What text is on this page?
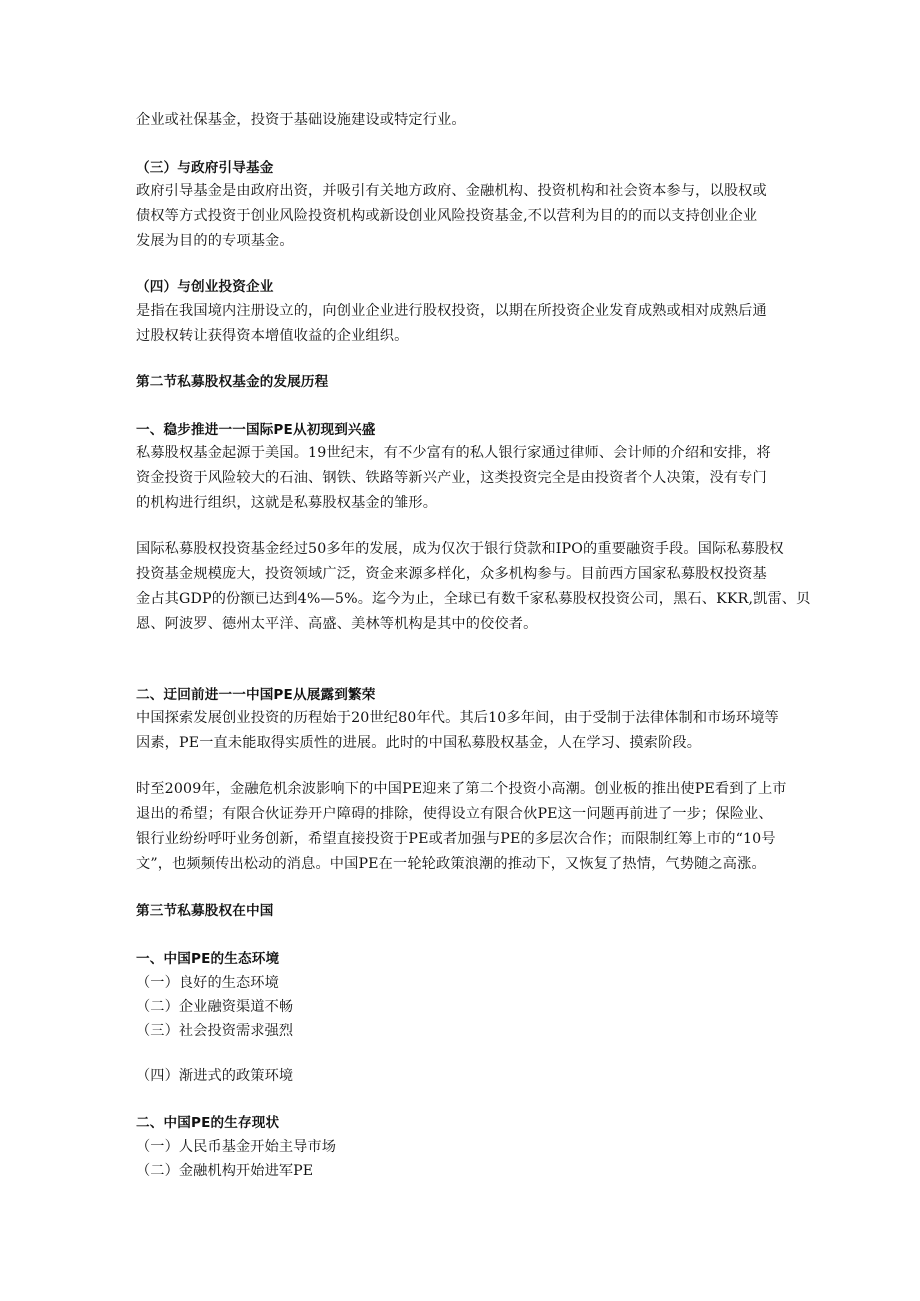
企业或社保基金，投资于基础设施建设或特定行业。
（三）与政府引导基金
政府引导基金是由政府出资，并吸引有关地方政府、金融机构、投资机构和社会资本参与，以股权或
债权等方式投资于创业风险投资机构或新设创业风险投资基金,不以营利为目的的而以支持创业企业
发展为目的的专项基金。
（四）与创业投资企业
是指在我国境内注册设立的，向创业企业进行股权投资，以期在所投资企业发育成熟或相对成熟后通
过股权转让获得资本增值收益的企业组织。
第二节私募股权基金的发展历程
一、稳步推进一一国际PE从初现到兴盛
私募股权基金起源于美国。19世纪末，有不少富有的私人银行家通过律师、会计师的介绍和安排，将
资金投资于风险较大的石油、钢铁、铁路等新兴产业，这类投资完全是由投资者个人决策，没有专门
的机构进行组织，这就是私募股权基金的雏形。
国际私募股权投资基金经过50多年的发展，成为仅次于银行贷款和IPO的重要融资手段。国际私募股权
投资基金规模庞大，投资领域广泛，资金来源多样化，众多机构参与。目前西方国家私募股权投资基
金占其GDP的份额已达到4%—5%。迄今为止，全球已有数千家私募股权投资公司，黑石、KKR,凯雷、贝
恩、阿波罗、德州太平洋、高盛、美林等机构是其中的佼佼者。
二、迂回前进一一中国PE从展露到繁荣
中国探索发展创业投资的历程始于20世纪80年代。其后10多年间，由于受制于法律体制和市场环境等
因素，PE一直未能取得实质性的进展。此时的中国私募股权基金，人在学习、摸索阶段。
时至2009年，金融危机余波影响下的中国PE迎来了第二个投资小高潮。创业板的推出使PE看到了上市
退出的希望；有限合伙证券开户障碍的排除，使得设立有限合伙PE这一问题再前进了一步；保险业、
银行业纷纷呼吁业务创新，希望直接投资于PE或者加强与PE的多层次合作；而限制红筹上市的“10号
文”，也频频传出松动的消息。中国PE在一轮轮政策浪潮的推动下，又恢复了热情，气势随之高涨。
第三节私募股权在中国
一、中国PE的生态环境
（一）良好的生态环境
（二）企业融资渠道不畅
（三）社会投资需求强烈
（四）渐进式的政策环境
二、中国PE的生存现状
（一）人民币基金开始主导市场
（二）金融机构开始进军PE
